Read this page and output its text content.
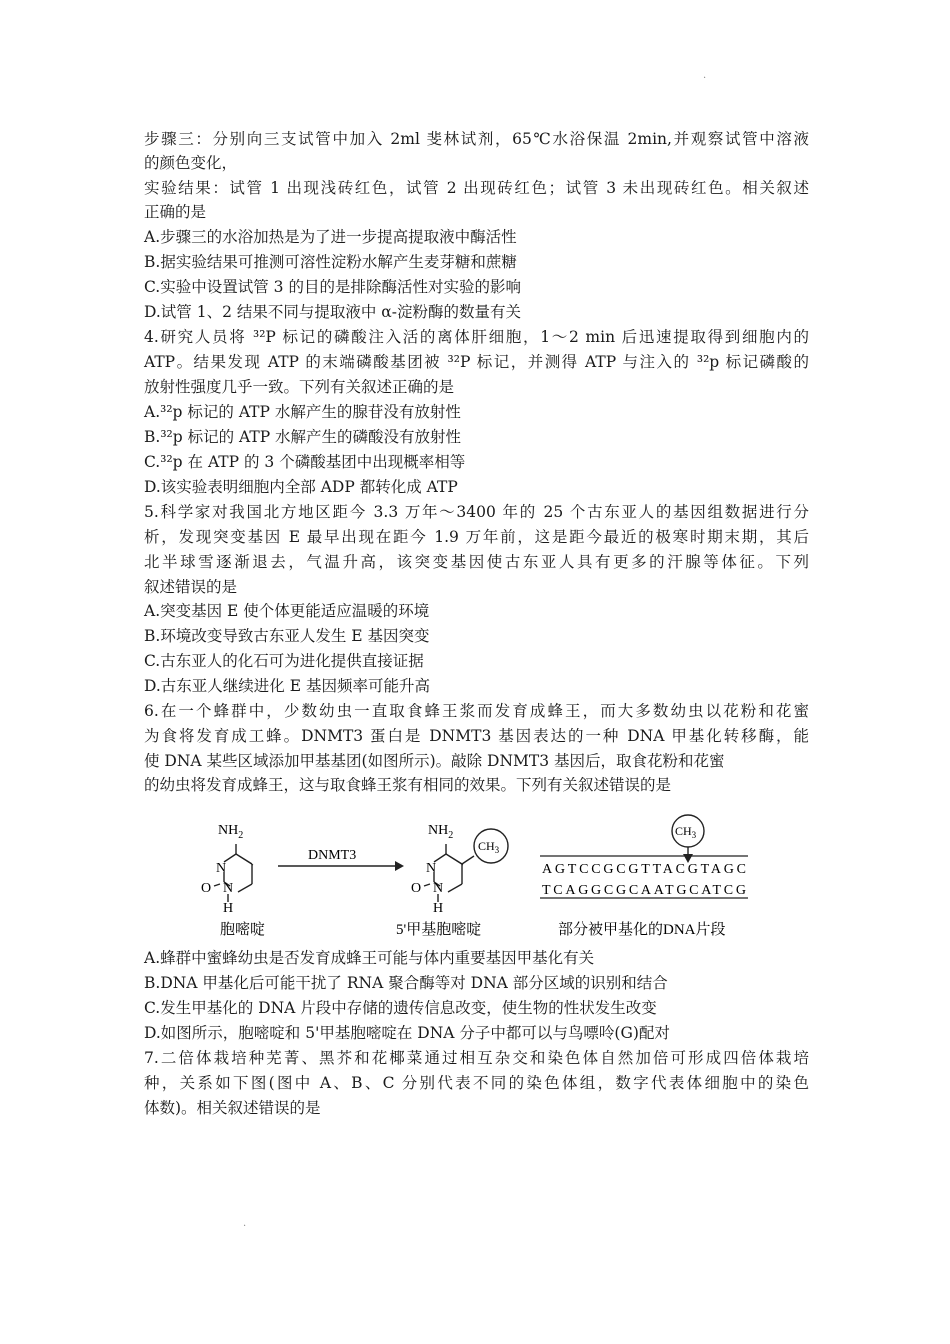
.
步骤三：分别向三支试管中加入 2ml 斐林试剂，65℃水浴保温 2min,并观察试管中溶液
的颜色变化，
实验结果：试管 1 出现浅砖红色，试管 2 出现砖红色；试管 3 未出现砖红色。相关叙述
正确的是
A.步骤三的水浴加热是为了进一步提高提取液中酶活性
B.据实验结果可推测可溶性淀粉水解产生麦芽糖和蔗糖
C.实验中设置试管 3 的目的是排除酶活性对实验的影响
D.试管 1、2 结果不同与提取液中 α-淀粉酶的数量有关
4.研究人员将 ³²P 标记的磷酸注入活的离体肝细胞，1～2 min 后迅速提取得到细胞内的
ATP。结果发现 ATP 的末端磷酸基团被 ³²P 标记，并测得 ATP 与注入的 ³²p 标记磷酸的
放射性强度几乎一致。下列有关叙述正确的是
A.³²p 标记的 ATP 水解产生的腺苷没有放射性
B.³²p 标记的 ATP 水解产生的磷酸没有放射性
C.³²p 在 ATP 的 3 个磷酸基团中出现概率相等
D.该实验表明细胞内全部 ADP 都转化成 ATP
5.科学家对我国北方地区距今 3.3 万年～3400 年的 25 个古东亚人的基因组数据进行分
析，发现突变基因 E 最早出现在距今 1.9 万年前，这是距今最近的极寒时期末期，其后
北半球雪逐渐退去，气温升高，该突变基因使古东亚人具有更多的汗腺等体征。下列
叙述错误的是
A.突变基因 E 使个体更能适应温暖的环境
B.环境改变导致古东亚人发生 E 基因突变
C.古东亚人的化石可为进化提供直接证据
D.古东亚人继续进化 E 基因频率可能升高
6.在一个蜂群中，少数幼虫一直取食蜂王浆而发育成蜂王，而大多数幼虫以花粉和花蜜
为食将发育成工蜂。DNMT3 蛋白是 DNMT3 基因表达的一种 DNA 甲基化转移酶，能
使 DNA 某些区域添加甲基基团(如图所示)。敲除 DNMT3 基因后，取食花粉和花蜜
的幼虫将发育成蜂王，这与取食蜂王浆有相同的效果。下列有关叙述错误的是
$NH_2$
N
O N
H
胞嘧啶
DNMT3
$NH_2$
N
O N
H
$CH_3$
5'甲基胞嘧啶
$CH_3$
AGTCCGCGTTACGTAGC
TCAGGCGCAATGCATCG
部分被甲基化的DNA片段
A.蜂群中蜜蜂幼虫是否发育成蜂王可能与体内重要基因甲基化有关
B.DNA 甲基化后可能干扰了 RNA 聚合酶等对 DNA 部分区域的识别和结合
C.发生甲基化的 DNA 片段中存储的遗传信息改变，使生物的性状发生改变
D.如图所示，胞嘧啶和 5'甲基胞嘧啶在 DNA 分子中都可以与鸟嘌呤(G)配对
7.二倍体栽培种芜菁、黑芥和花椰菜通过相互杂交和染色体自然加倍可形成四倍体栽培
种，关系如下图(图中 A、B、C 分别代表不同的染色体组，数字代表体细胞中的染色
体数)。相关叙述错误的是
.
